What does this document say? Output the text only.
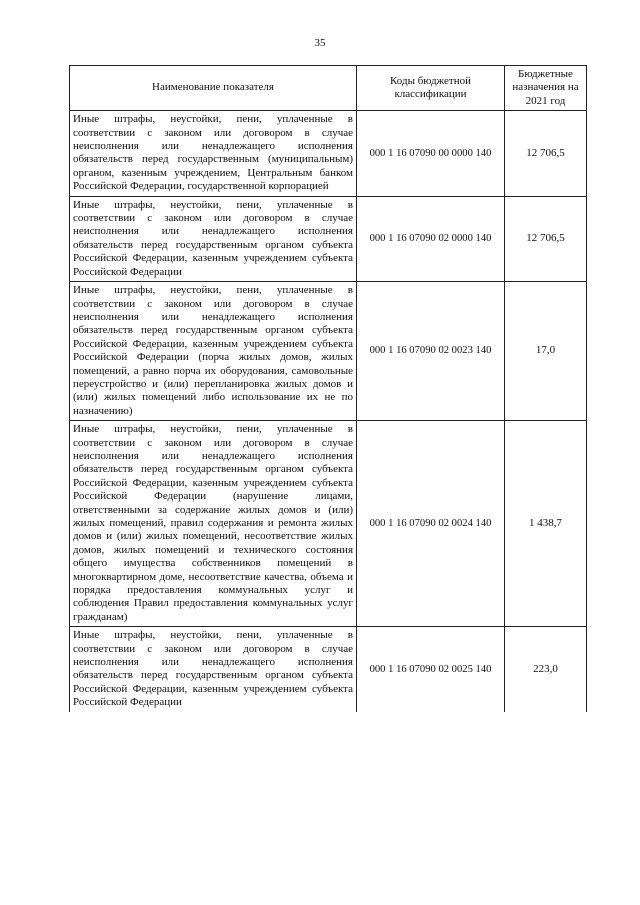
35
Наименование показателя	Коды бюджетной классификации	Бюджетные назначения на 2021 год
Иные штрафы, неустойки, пени, уплаченные в соответствии с законом или договором в случае неисполнения или ненадлежащего исполнения обязательств перед государственным (муниципальным) органом, казенным учреждением, Центральным банком Российской Федерации, государственной корпорацией	000 1 16 07090 00 0000 140	12 706,5
Иные штрафы, неустойки, пени, уплаченные в соответствии с законом или договором в случае неисполнения или ненадлежащего исполнения обязательств перед государственным органом субъекта Российской Федерации, казенным учреждением субъекта Российской Федерации	000 1 16 07090 02 0000 140	12 706,5
Иные штрафы, неустойки, пени, уплаченные в соответствии с законом или договором в случае неисполнения или ненадлежащего исполнения обязательств перед государственным органом субъекта Российской Федерации, казенным учреждением субъекта Российской Федерации (порча жилых домов, жилых помещений, а равно порча их оборудования, самовольные переустройство и (или) перепланировка жилых домов и (или) жилых помещений либо использование их не по назначению)	000 1 16 07090 02 0023 140	17,0
Иные штрафы, неустойки, пени, уплаченные в соответствии с законом или договором в случае неисполнения или ненадлежащего исполнения обязательств перед государственным органом субъекта Российской Федерации, казенным учреждением субъекта Российской Федерации (нарушение лицами, ответственными за содержание жилых домов и (или) жилых помещений, правил содержания и ремонта жилых домов и (или) жилых помещений, несоответствие жилых домов, жилых помещений и технического состояния общего имущества собственников помещений в многоквартирном доме, несоответствие качества, объема и порядка предоставления коммунальных услуг и соблюдения Правил предоставления коммунальных услуг гражданам)	000 1 16 07090 02 0024 140	1 438,7
Иные штрафы, неустойки, пени, уплаченные в соответствии с законом или договором в случае неисполнения или ненадлежащего исполнения обязательств перед государственным органом субъекта Российской Федерации, казенным учреждением субъекта Российской Федерации	000 1 16 07090 02 0025 140	223,0
